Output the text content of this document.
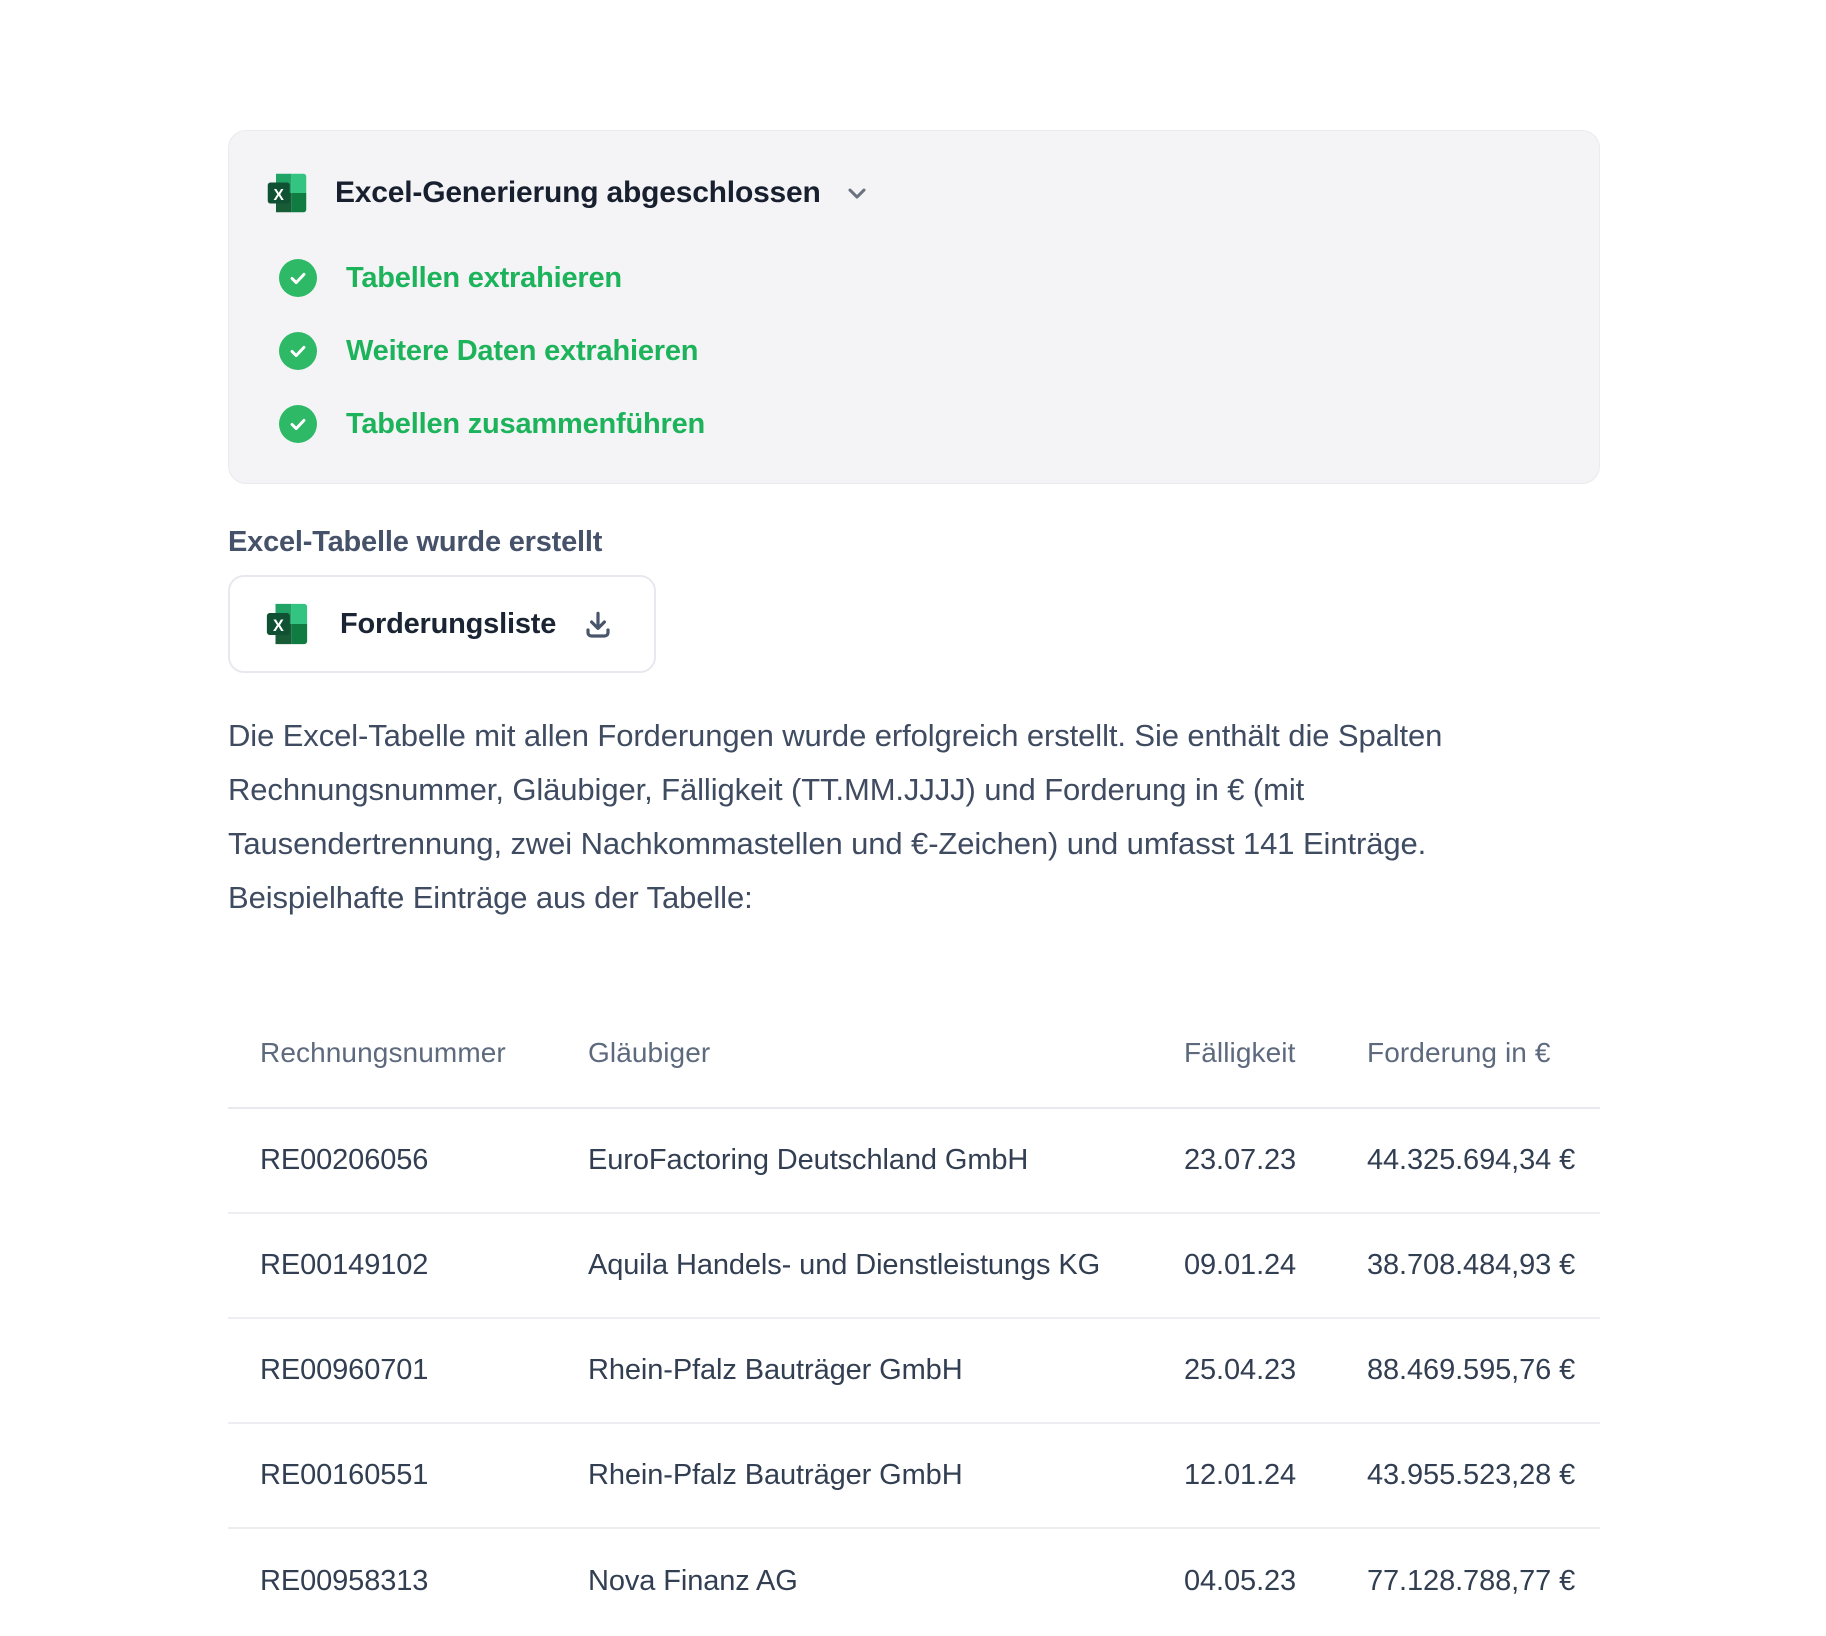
Excel-Generierung abgeschlossen
Tabellen extrahieren
Weitere Daten extrahieren
Tabellen zusammenführen
Excel-Tabelle wurde erstellt
Forderungsliste

Die Excel-Tabelle mit allen Forderungen wurde erfolgreich erstellt. Sie enthält die Spalten Rechnungsnummer, Gläubiger, Fälligkeit (TT.MM.JJJJ) und Forderung in € (mit Tausendertrennung, zwei Nachkommastellen und €-Zeichen) und umfasst 141 Einträge. Beispielhafte Einträge aus der Tabelle:

Rechnungsnummer	Gläubiger	Fälligkeit	Forderung in €
RE00206056	EuroFactoring Deutschland GmbH	23.07.23	44.325.694,34 €
RE00149102	Aquila Handels- und Dienstleistungs KG	09.01.24	38.708.484,93 €
RE00960701	Rhein-Pfalz Bauträger GmbH	25.04.23	88.469.595,76 €
RE00160551	Rhein-Pfalz Bauträger GmbH	12.01.24	43.955.523,28 €
RE00958313	Nova Finanz AG	04.05.23	77.128.788,77 €
